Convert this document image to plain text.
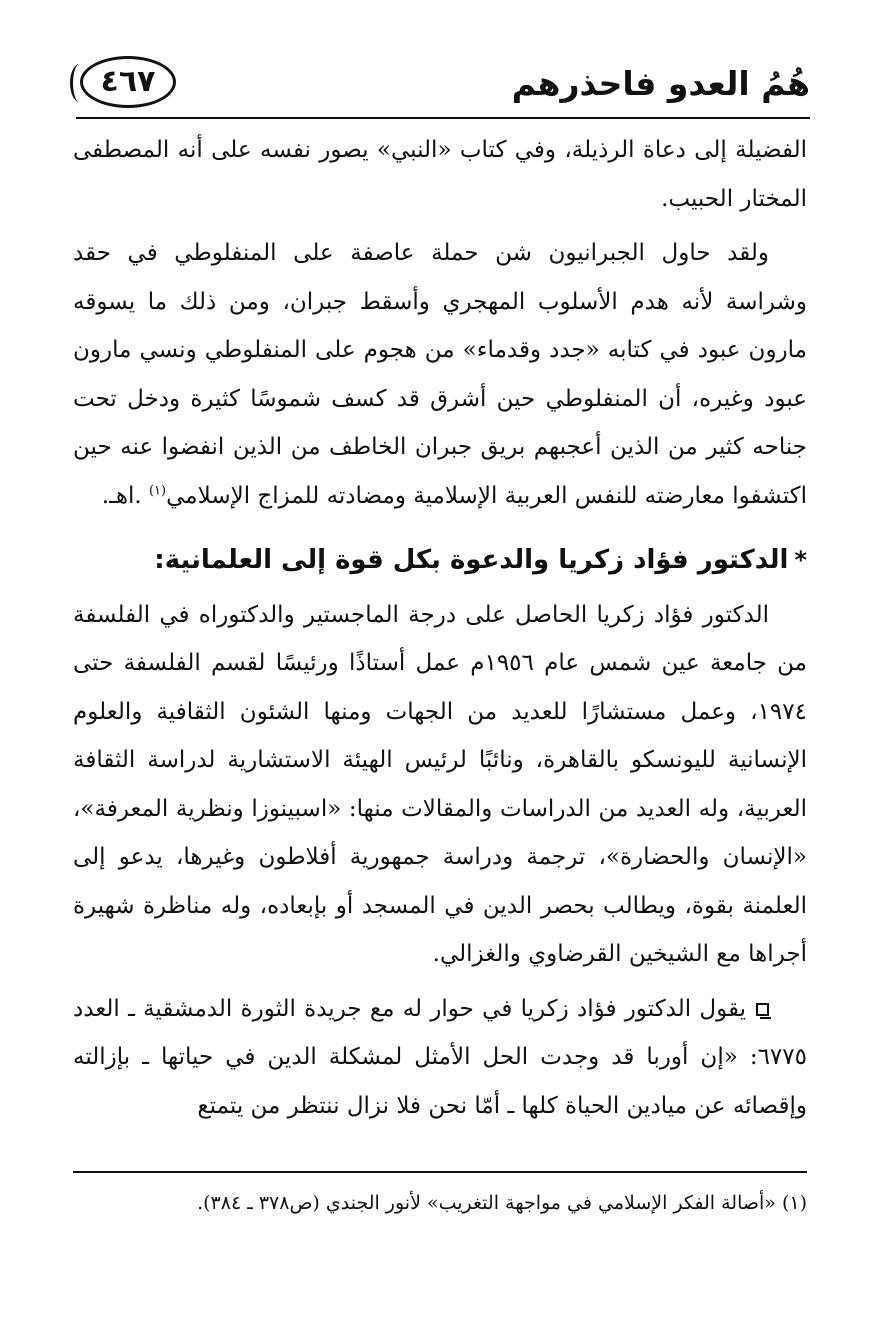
هُمُ العدو فاحذرهم
٤٦٧

الفضيلة إلى دعاة الرذيلة، وفي كتاب «النبي» يصور نفسه على أنه المصطفى المختار الحبيب.

ولقد حاول الجبرانيون شن حملة عاصفة على المنفلوطي في حقد وشراسة لأنه هدم الأسلوب المهجري وأسقط جبران، ومن ذلك ما يسوقه مارون عبود في كتابه «جدد وقدماء» من هجوم على المنفلوطي ونسي مارون عبود وغيره، أن المنفلوطي حين أشرق قد كسف شموسًا كثيرة ودخل تحت جناحه كثير من الذين أعجبهم بريق جبران الخاطف من الذين انفضوا عنه حين اكتشفوا معارضته للنفس العربية الإسلامية ومضادته للمزاج الإسلامي$^{(١)}$ .اهـ.

*الدكتور فؤاد زكريا والدعوة بكل قوة إلى العلمانية:

الدكتور فؤاد زكريا الحاصل على درجة الماجستير والدكتوراه في الفلسفة من جامعة عين شمس عام ١٩٥٦م عمل أستاذًا ورئيسًا لقسم الفلسفة حتى ١٩٧٤، وعمل مستشارًا للعديد من الجهات ومنها الشئون الثقافية والعلوم الإنسانية لليونسكو بالقاهرة، ونائبًا لرئيس الهيئة الاستشارية لدراسة الثقافة العربية، وله العديد من الدراسات والمقالات منها: «اسبينوزا ونظرية المعرفة»، «الإنسان والحضارة»، ترجمة ودراسة جمهورية أفلاطون وغيرها، يدعو إلى العلمنة بقوة، ويطالب بحصر الدين في المسجد أو بإبعاده، وله مناظرة شهيرة أجراها مع الشيخين القرضاوي والغزالي.

يقول الدكتور فؤاد زكريا في حوار له مع جريدة الثورة الدمشقية ـ العدد ٦٧٧٥: «إن أوربا قد وجدت الحل الأمثل لمشكلة الدين في حياتها ـ بإزالته وإقصائه عن ميادين الحياة كلها ـ أمّا نحن فلا نزال ننتظر من يتمتع

(١) «أصالة الفكر الإسلامي في مواجهة التغريب» لأنور الجندي (ص٣٧٨ ـ ٣٨٤).
